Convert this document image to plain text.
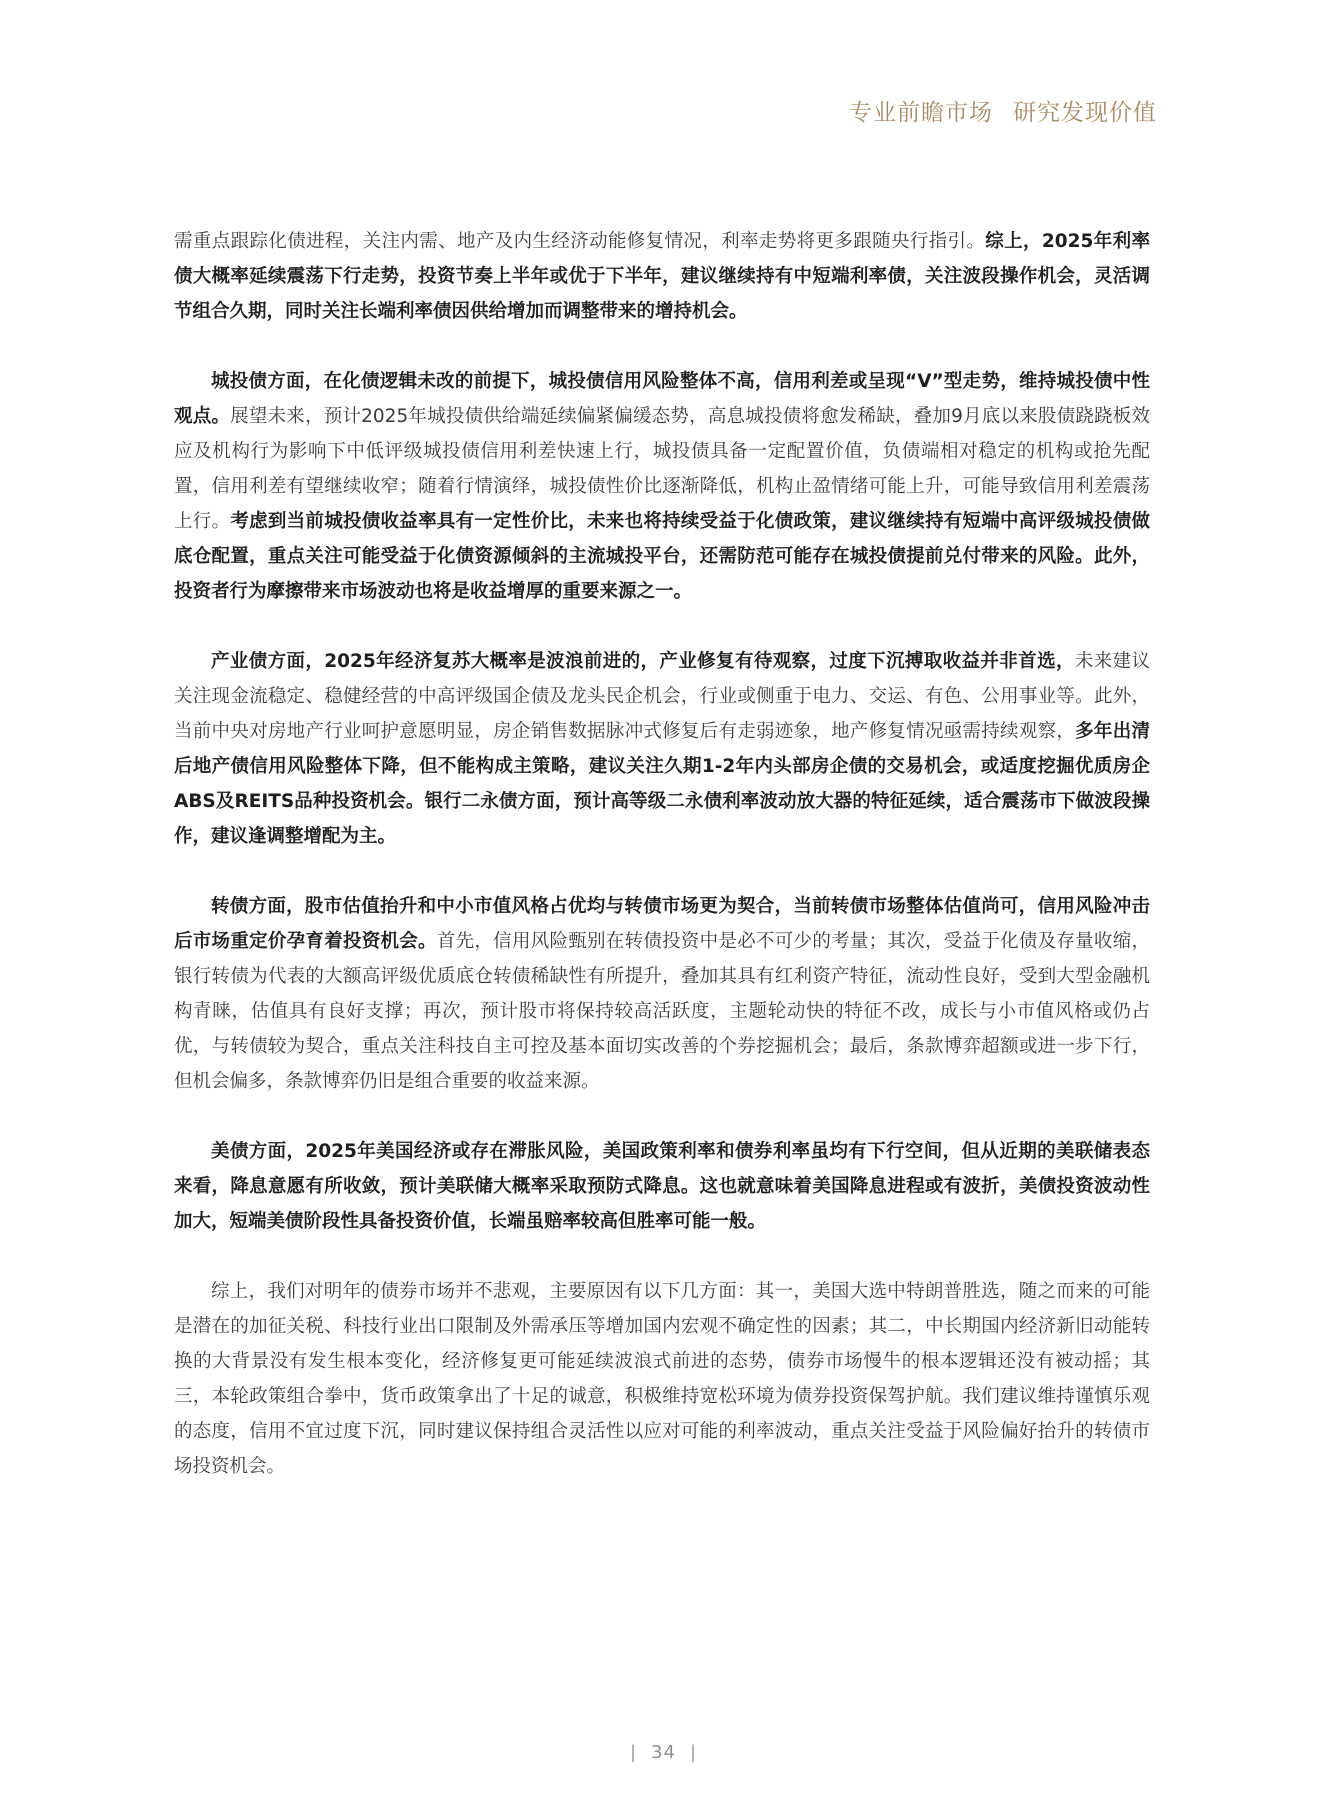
专业前瞻市场 研究发现价值

需重点跟踪化债进程，关注内需、地产及内生经济动能修复情况，利率走势将更多跟随央行指引。综上，2025年利率债大概率延续震荡下行走势，投资节奏上半年或优于下半年，建议继续持有中短端利率债，关注波段操作机会，灵活调节组合久期，同时关注长端利率债因供给增加而调整带来的增持机会。

城投债方面，在化债逻辑未改的前提下，城投债信用风险整体不高，信用利差或呈现“V”型走势，维持城投债中性观点。展望未来，预计2025年城投债供给端延续偏紧偏缓态势，高息城投债将愈发稀缺，叠加9月底以来股债跷跷板效应及机构行为影响下中低评级城投债信用利差快速上行，城投债具备一定配置价值，负债端相对稳定的机构或抢先配置，信用利差有望继续收窄；随着行情演绎，城投债性价比逐渐降低，机构止盈情绪可能上升，可能导致信用利差震荡上行。考虑到当前城投债收益率具有一定性价比，未来也将持续受益于化债政策，建议继续持有短端中高评级城投债做底仓配置，重点关注可能受益于化债资源倾斜的主流城投平台，还需防范可能存在城投债提前兑付带来的风险。此外，投资者行为摩擦带来市场波动也将是收益增厚的重要来源之一。

产业债方面，2025年经济复苏大概率是波浪前进的，产业修复有待观察，过度下沉搏取收益并非首选，未来建议关注现金流稳定、稳健经营的中高评级国企债及龙头民企机会，行业或侧重于电力、交运、有色、公用事业等。此外，当前中央对房地产行业呵护意愿明显，房企销售数据脉冲式修复后有走弱迹象，地产修复情况亟需持续观察，多年出清后地产债信用风险整体下降，但不能构成主策略，建议关注久期1-2年内头部房企债的交易机会，或适度挖掘优质房企ABS及REITS品种投资机会。银行二永债方面，预计高等级二永债利率波动放大器的特征延续，适合震荡市下做波段操作，建议逢调整增配为主。

转债方面，股市估值抬升和中小市值风格占优均与转债市场更为契合，当前转债市场整体估值尚可，信用风险冲击后市场重定价孕育着投资机会。首先，信用风险甄别在转债投资中是必不可少的考量；其次，受益于化债及存量收缩，银行转债为代表的大额高评级优质底仓转债稀缺性有所提升，叠加其具有红利资产特征，流动性良好，受到大型金融机构青睐，估值具有良好支撑；再次，预计股市将保持较高活跃度，主题轮动快的特征不改，成长与小市值风格或仍占优，与转债较为契合，重点关注科技自主可控及基本面切实改善的个券挖掘机会；最后，条款博弈超额或进一步下行，但机会偏多，条款博弈仍旧是组合重要的收益来源。

美债方面，2025年美国经济或存在滞胀风险，美国政策利率和债券利率虽均有下行空间，但从近期的美联储表态来看，降息意愿有所收敛，预计美联储大概率采取预防式降息。这也就意味着美国降息进程或有波折，美债投资波动性加大，短端美债阶段性具备投资价值，长端虽赔率较高但胜率可能一般。

综上，我们对明年的债券市场并不悲观，主要原因有以下几方面：其一，美国大选中特朗普胜选，随之而来的可能是潜在的加征关税、科技行业出口限制及外需承压等增加国内宏观不确定性的因素；其二，中长期国内经济新旧动能转换的大背景没有发生根本变化，经济修复更可能延续波浪式前进的态势，债券市场慢牛的根本逻辑还没有被动摇；其三，本轮政策组合拳中，货币政策拿出了十足的诚意，积极维持宽松环境为债券投资保驾护航。我们建议维持谨慎乐观的态度，信用不宜过度下沉，同时建议保持组合灵活性以应对可能的利率波动，重点关注受益于风险偏好抬升的转债市场投资机会。

| 34 |
